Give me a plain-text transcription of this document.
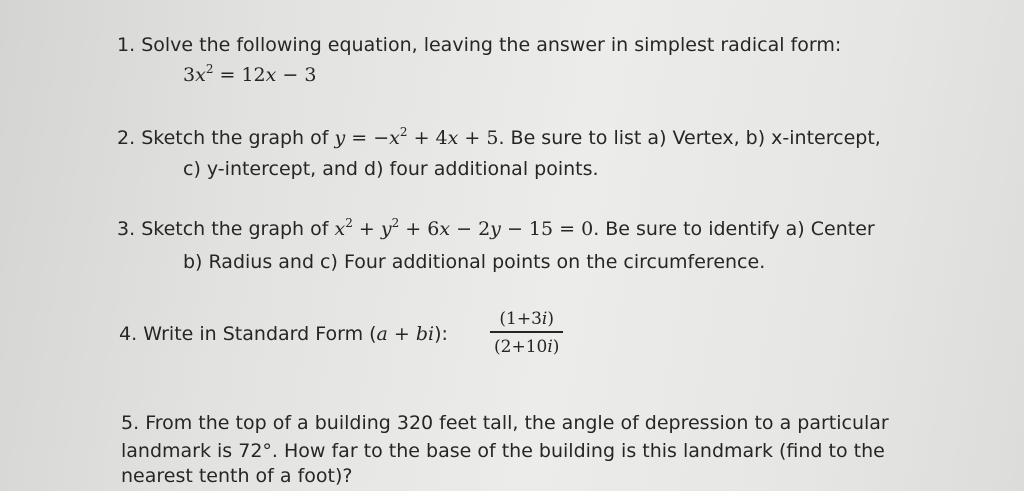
1. Solve the following equation, leaving the answer in simplest radical form:
$3x^2 = 12x - 3$
2. Sketch the graph of $y = -x^2 + 4x + 5$. Be sure to list a) Vertex, b) x-intercept,
c) y-intercept, and d) four additional points.
3. Sketch the graph of $x^2 + y^2 + 6x - 2y - 15 = 0$. Be sure to identify a) Center
b) Radius and c) Four additional points on the circumference.
4. Write in Standard Form (a + bi):
(1+3i)
(2+10i)
5. From the top of a building 320 feet tall, the angle of depression to a particular
landmark is 72°. How far to the base of the building is this landmark (find to the
nearest tenth of a foot)?
